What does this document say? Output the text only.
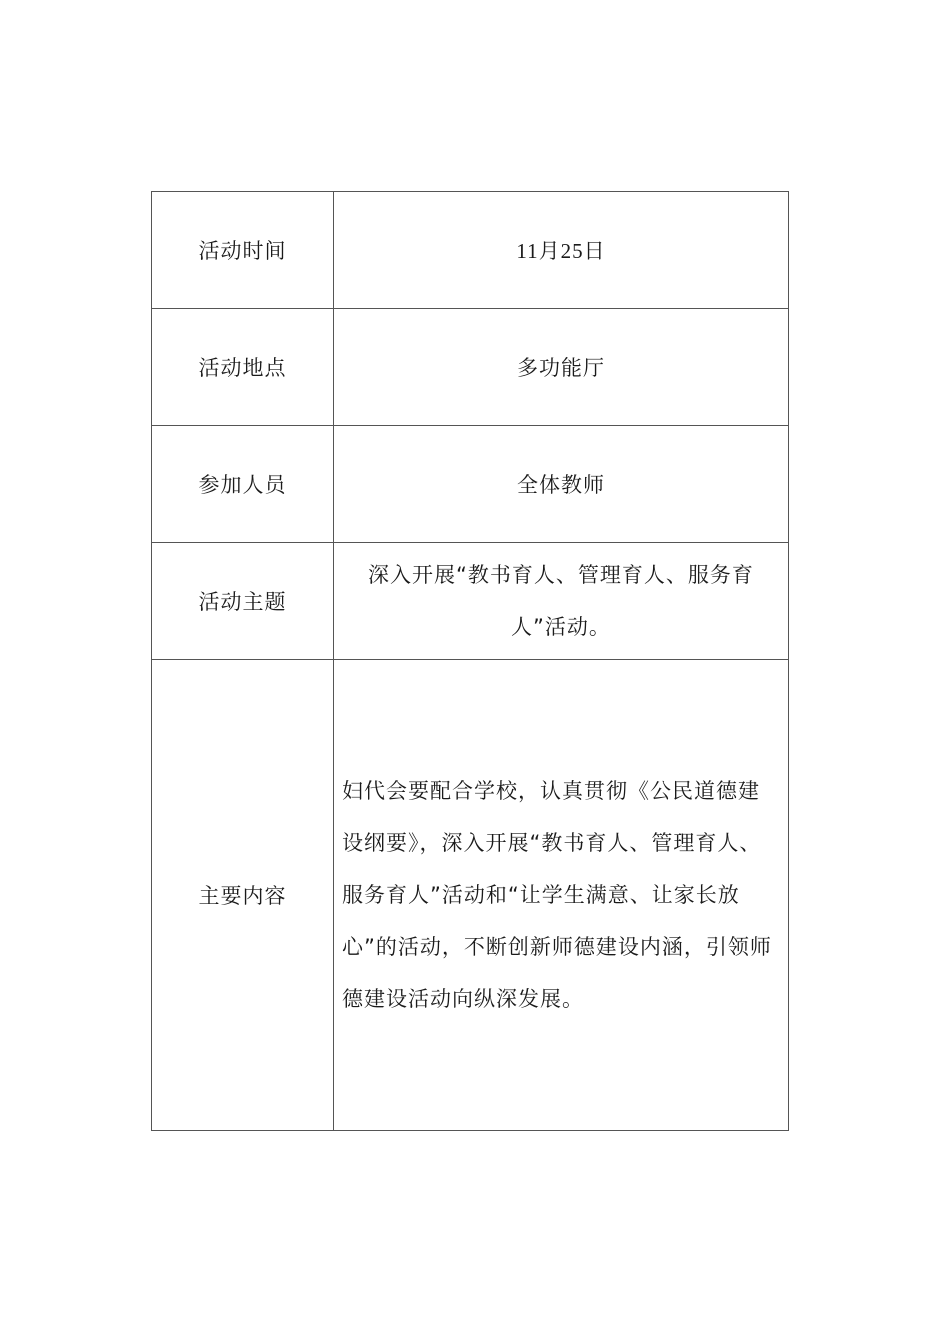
活动时间	11月25日
活动地点	多功能厅
参加人员	全体教师
活动主题	深入开展“教书育人、管理育人、服务育人”活动。
主要内容	妇代会要配合学校，认真贯彻《公民道德建设纲要》，深入开展“教书育人、管理育人、服务育人”活动和“让学生满意、让家长放心”的活动，不断创新师德建设内涵，引领师德建设活动向纵深发展。
